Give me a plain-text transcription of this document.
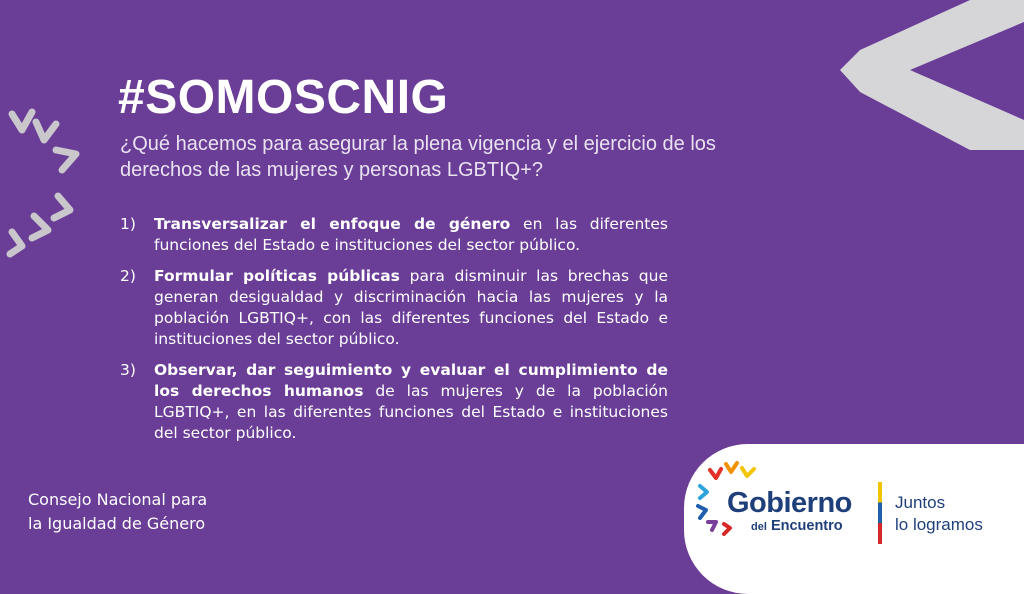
#SOMOSCNIG

¿Qué hacemos para asegurar la plena vigencia y el ejercicio de los derechos de las mujeres y personas LGBTIQ+?

1) Transversalizar el enfoque de género en las diferentes funciones del Estado e instituciones del sector público.
2) Formular políticas públicas para disminuir las brechas que generan desigualdad y discriminación hacia las mujeres y la población LGBTIQ+, con las diferentes funciones del Estado e instituciones del sector público.
3) Observar, dar seguimiento y evaluar el cumplimiento de los derechos humanos de las mujeres y de la población LGBTIQ+, en las diferentes funciones del Estado e instituciones del sector público.
Consejo Nacional para
la Igualdad de Género
Gobierno
del Encuentro
Juntos
lo logramos
